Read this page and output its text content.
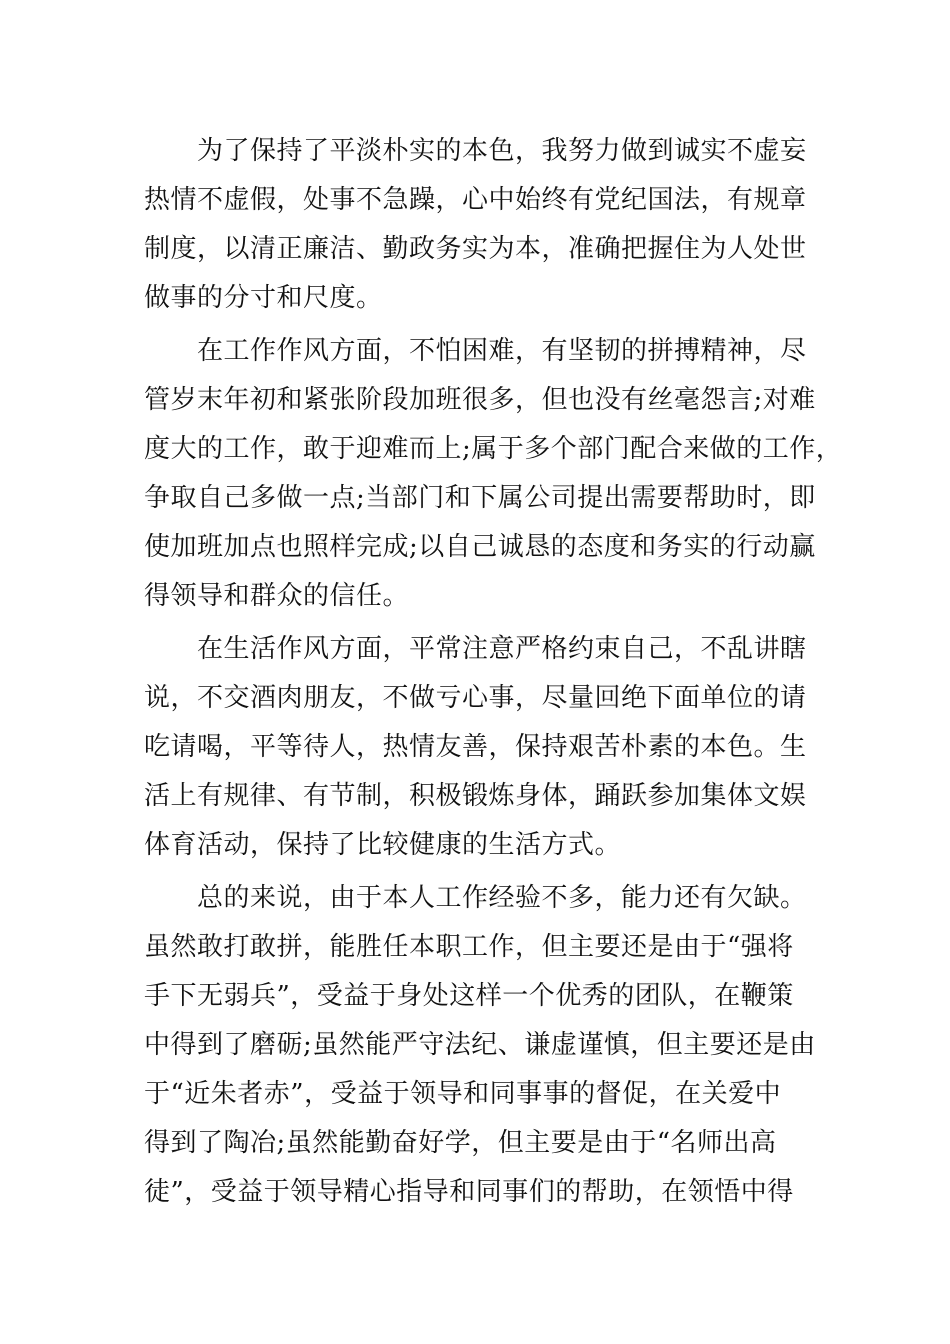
为了保持了平淡朴实的本色，我努力做到诚实不虚妄
热情不虚假，处事不急躁，心中始终有党纪国法，有规章
制度，以清正廉洁、勤政务实为本，准确把握住为人处世
做事的分寸和尺度。
在工作作风方面，不怕困难，有坚韧的拼搏精神，尽
管岁末年初和紧张阶段加班很多，但也没有丝毫怨言;对难
度大的工作，敢于迎难而上;属于多个部门配合来做的工作，
争取自己多做一点;当部门和下属公司提出需要帮助时，即
使加班加点也照样完成;以自己诚恳的态度和务实的行动赢
得领导和群众的信任。
在生活作风方面，平常注意严格约束自己，不乱讲瞎
说，不交酒肉朋友，不做亏心事，尽量回绝下面单位的请
吃请喝，平等待人，热情友善，保持艰苦朴素的本色。生
活上有规律、有节制，积极锻炼身体，踊跃参加集体文娱
体育活动，保持了比较健康的生活方式。
总的来说，由于本人工作经验不多，能力还有欠缺。
虽然敢打敢拼，能胜任本职工作，但主要还是由于“强将
手下无弱兵”，受益于身处这样一个优秀的团队，在鞭策
中得到了磨砺;虽然能严守法纪、谦虚谨慎，但主要还是由
于“近朱者赤”，受益于领导和同事事的督促，在关爱中
得到了陶冶;虽然能勤奋好学，但主要是由于“名师出高
徒”，受益于领导精心指导和同事们的帮助，在领悟中得
